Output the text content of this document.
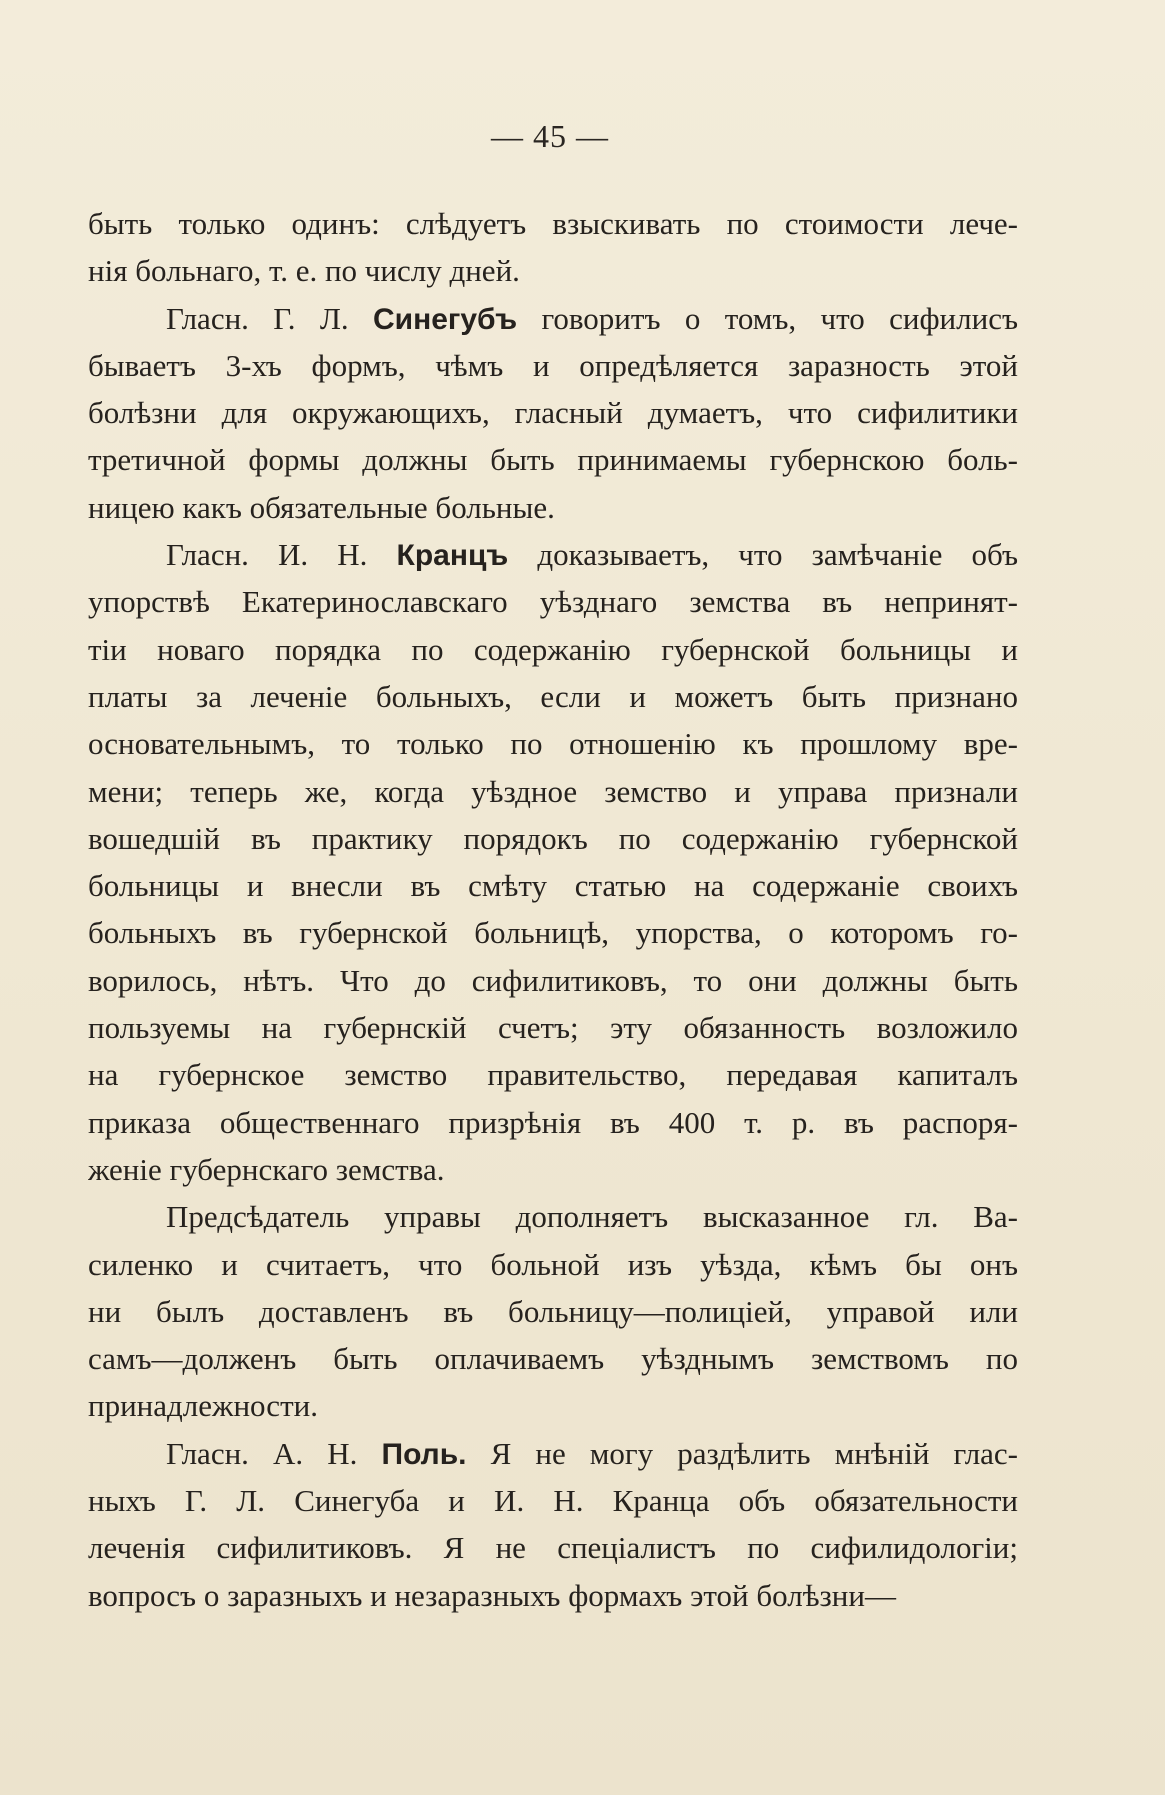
— 45 —
быть только одинъ: слѣдуетъ взыскивать по стоимости лече-
нія больнаго, т. е. по числу дней.
Гласн. Г. Л. Синегубъ говоритъ о томъ, что сифилисъ
бываетъ 3-хъ формъ, чѣмъ и опредѣляется заразность этой
болѣзни для окружающихъ, гласный думаетъ, что сифилитики
третичной формы должны быть принимаемы губернскою боль-
ницею какъ обязательные больные.
Гласн. И. Н. Кранцъ доказываетъ, что замѣчаніе объ
упорствѣ Екатеринославскаго уѣзднаго земства въ непринят-
тіи новаго порядка по содержанію губернской больницы и
платы за леченіе больныхъ, если и можетъ быть признано
основательнымъ, то только по отношенію къ прошлому вре-
мени; теперь же, когда уѣздное земство и управа признали
вошедшій въ практику порядокъ по содержанію губернской
больницы и внесли въ смѣту статью на содержаніе своихъ
больныхъ въ губернской больницѣ, упорства, о которомъ го-
ворилось, нѣтъ. Что до сифилитиковъ, то они должны быть
пользуемы на губернскій счетъ; эту обязанность возложило
на губернское земство правительство, передавая капиталъ
приказа общественнаго призрѣнія въ 400 т. р. въ распоря-
женіе губернскаго земства.
Предсѣдатель управы дополняетъ высказанное гл. Ва-
силенко и считаетъ, что больной изъ уѣзда, кѣмъ бы онъ
ни былъ доставленъ въ больницу—полиціей, управой или
самъ—долженъ быть оплачиваемъ уѣзднымъ земствомъ по
принадлежности.
Гласн. А. Н. Поль. Я не могу раздѣлить мнѣній глас-
ныхъ Г. Л. Синегуба и И. Н. Кранца объ обязательности
леченія сифилитиковъ. Я не спеціалистъ по сифилидологіи;
вопросъ о заразныхъ и незаразныхъ формахъ этой болѣзни—
